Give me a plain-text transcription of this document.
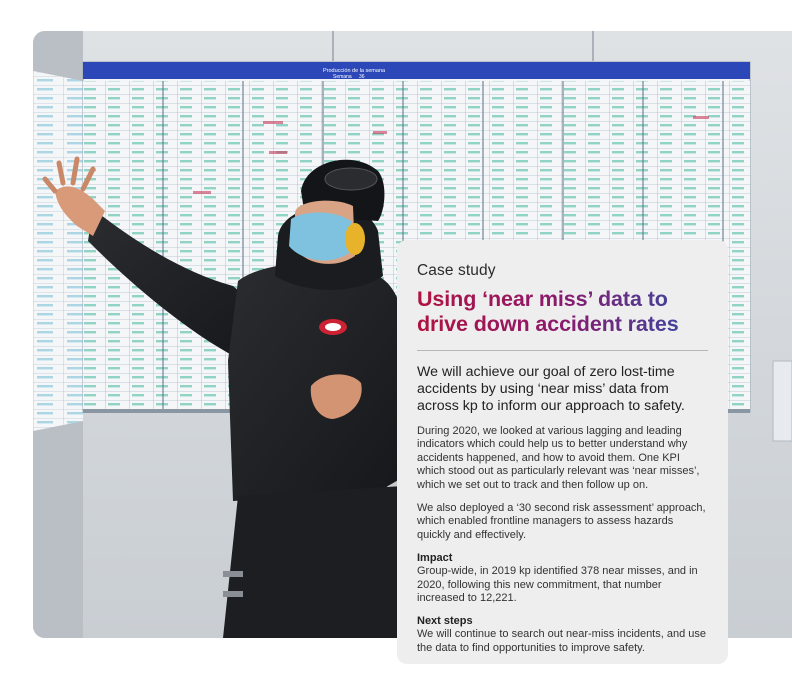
Producción de la semana
Semana 36
Case study
Using ‘near miss’ data to
drive down accident rates

We will achieve our goal of zero lost-time accidents by using ‘near miss’ data from across kp to inform our approach to safety.

During 2020, we looked at various lagging and leading indicators which could help us to better understand why accidents happened, and how to avoid them. One KPI which stood out as particularly relevant was ‘near misses’, which we set out to track and then follow up on.

We also deployed a ‘30 second risk assessment’ approach, which enabled frontline managers to assess hazards quickly and effectively.

Impact

Group-wide, in 2019 kp identified 378 near misses, and in 2020, following this new commitment, that number increased to 12,221.

Next steps

We will continue to search out near-miss incidents, and use the data to find opportunities to improve safety.
